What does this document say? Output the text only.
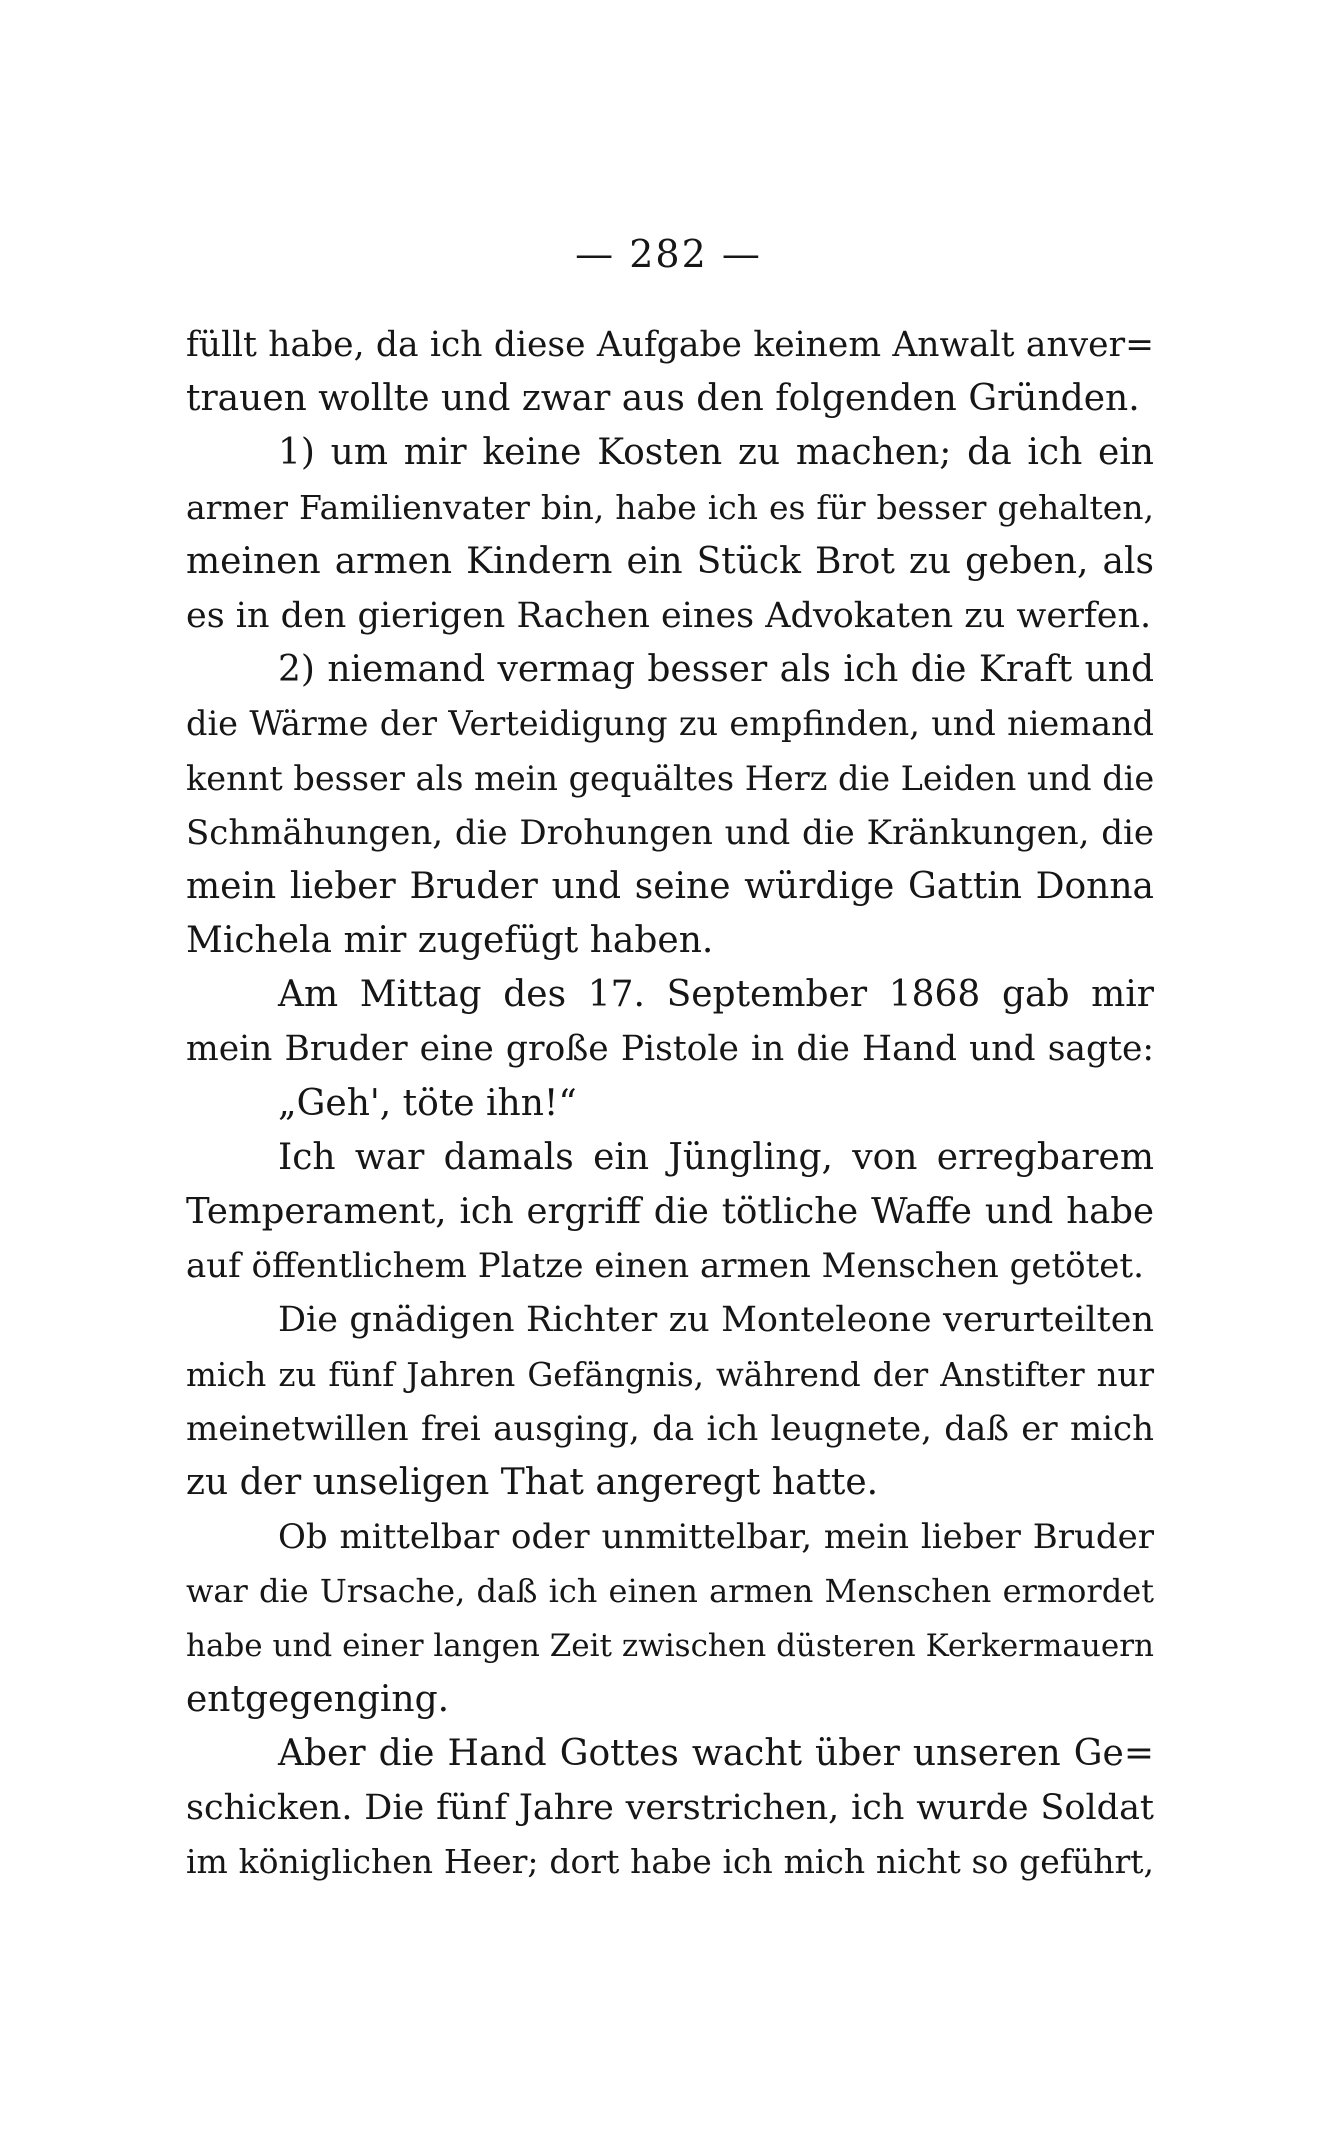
— 282 —
füllt habe, da ich diese Aufgabe keinem Anwalt anver=
trauen wollte und zwar aus den folgenden Gründen.
1) um mir keine Kosten zu machen; da ich ein
armer Familienvater bin, habe ich es für besser gehalten,
meinen armen Kindern ein Stück Brot zu geben, als
es in den gierigen Rachen eines Advokaten zu werfen.
2) niemand vermag besser als ich die Kraft und
die Wärme der Verteidigung zu empfinden, und niemand
kennt besser als mein gequältes Herz die Leiden und die
Schmähungen, die Drohungen und die Kränkungen, die
mein lieber Bruder und seine würdige Gattin Donna
Michela mir zugefügt haben.
Am Mittag des 17. September 1868 gab mir
mein Bruder eine große Pistole in die Hand und sagte:
„Geh', töte ihn!“
Ich war damals ein Jüngling, von erregbarem
Temperament, ich ergriff die tötliche Waffe und habe
auf öffentlichem Platze einen armen Menschen getötet.
Die gnädigen Richter zu Monteleone verurteilten
mich zu fünf Jahren Gefängnis, während der Anstifter nur
meinetwillen frei ausging, da ich leugnete, daß er mich
zu der unseligen That angeregt hatte.
Ob mittelbar oder unmittelbar, mein lieber Bruder
war die Ursache, daß ich einen armen Menschen ermordet
habe und einer langen Zeit zwischen düsteren Kerkermauern
entgegenging.
Aber die Hand Gottes wacht über unseren Ge=
schicken. Die fünf Jahre verstrichen, ich wurde Soldat
im königlichen Heer; dort habe ich mich nicht so geführt,
